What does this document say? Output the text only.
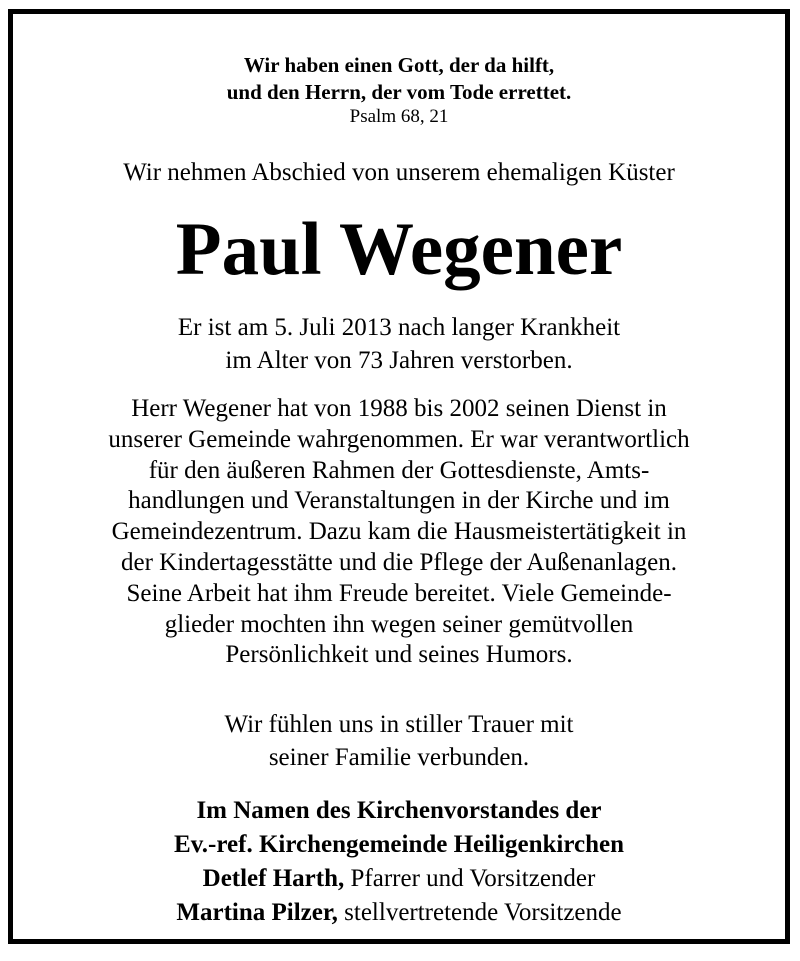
Wir haben einen Gott, der da hilft,
und den Herrn, der vom Tode errettet.
Psalm 68, 21
Wir nehmen Abschied von unserem ehemaligen Küster
Paul Wegener
Er ist am 5. Juli 2013 nach langer Krankheit
im Alter von 73 Jahren verstorben.
Herr Wegener hat von 1988 bis 2002 seinen Dienst in
unserer Gemeinde wahrgenommen. Er war verantwortlich
für den äußeren Rahmen der Gottesdienste, Amts-
handlungen und Veranstaltungen in der Kirche und im
Gemeindezentrum. Dazu kam die Hausmeistertätigkeit in
der Kindertagesstätte und die Pflege der Außenanlagen.
Seine Arbeit hat ihm Freude bereitet. Viele Gemeinde-
glieder mochten ihn wegen seiner gemütvollen
Persönlichkeit und seines Humors.
Wir fühlen uns in stiller Trauer mit
seiner Familie verbunden.
Im Namen des Kirchenvorstandes der
Ev.-ref. Kirchengemeinde Heiligenkirchen
Detlef Harth, Pfarrer und Vorsitzender
Martina Pilzer, stellvertretende Vorsitzende
